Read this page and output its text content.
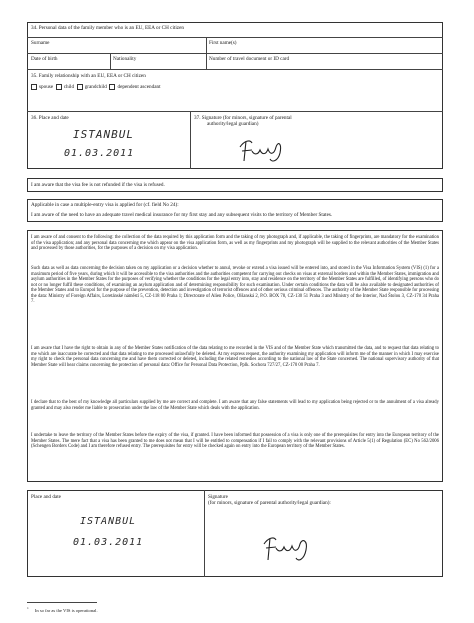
34. Personal data of the family member who is an EU, EEA or CH citizen
Surname	First name(s)
Date of birth	Nationality	Number of travel document or ID card
35. Family relationship with an EU, EEA or CH citizen
spouse child grandchild dependent ascendant
36. Place and date
ISTANBUL
01.03.2011
37. Signature (for minors, signature of parental
authority/legal guardian)
I am aware that the visa fee is not refunded if the visa is refused.
Applicable in case a multiple-entry visa is applied for (cf. field No 24):
I am aware of the need to have an adequate travel medical insurance for my first stay and any subsequent visits to the territory of Member States.
I am aware of and consent to the following: the collection of the data required by this application form and the taking of my photograph and, if applicable, the taking of fingerprints, are mandatory for the examination of the visa application; and any personal data concerning me which appear on the visa application form, as well as my fingerprints and my photograph will be supplied to the relevant authorities of the Member States and processed by those authorities, for the purposes of a decision on my visa application.
Such data as well as data concerning the decision taken on my application or a decision whether to annul, revoke or extend a visa issued will be entered into, and stored in the Visa Information System (VIS) (1) for a maximum period of five years, during which it will be accessible to the visa authorities and the authorities competent for carrying out checks on visas at external borders and within the Member States, immigration and asylum authorities in the Member States for the purposes of verifying whether the conditions for the legal entry into, stay and residence on the territory of the Member States are fulfilled, of identifying persons who do not or no longer fulfil these conditions, of examining an asylum application and of determining responsibility for such examination. Under certain conditions the data will be also available to designated authorities of the Member States and to Europol for the purpose of the prevention, detection and investigation of terrorist offences and of other serious criminal offences. The authority of the Member State responsible for processing the data: Ministry of Foreign Affairs, Loretánské náměstí 5, CZ-118 00 Praha 1; Directorate of Alien Police, Olšanská 2, P.O. BOX 78, CZ-130 51 Praha 3 and Ministry of the Interior, Nad Štolou 3, CZ-170 34 Praha 7.
I am aware that I have the right to obtain in any of the Member States notification of the data relating to me recorded in the VIS and of the Member State which transmitted the data, and to request that data relating to me which are inaccurate be corrected and that data relating to me processed unlawfully be deleted. At my express request, the authority examining my application will inform me of the manner in which I may exercise my right to check the personal data concerning me and have them corrected or deleted, including the related remedies according to the national law of the State concerned. The national supervisory authority of that Member State will hear claims concerning the protection of personal data: Office for Personal Data Protection, Pplk. Sochora 727/27, CZ-170 00 Praha 7.
I declare that to the best of my knowledge all particulars supplied by me are correct and complete. I am aware that any false statements will lead to my application being rejected or to the annulment of a visa already granted and may also render me liable to prosecution under the law of the Member State which deals with the application.
I undertake to leave the territory of the Member States before the expiry of the visa, if granted. I have been informed that possession of a visa is only one of the prerequisites for entry into the European territory of the Member States. The mere fact that a visa has been granted to me does not mean that I will be entitled to compensation if I fail to comply with the relevant provisions of Article 5(1) of Regulation (EC) No 562/2006 (Schengen Borders Code) and I am therefore refused entry. The prerequisites for entry will be checked again on entry into the European territory of the Member States.
Place and date
ISTANBUL
01.03.2011
Signature
(for minors, signature of parental authority/legal guardian):
$^1$ In so far as the VIS is operational.
